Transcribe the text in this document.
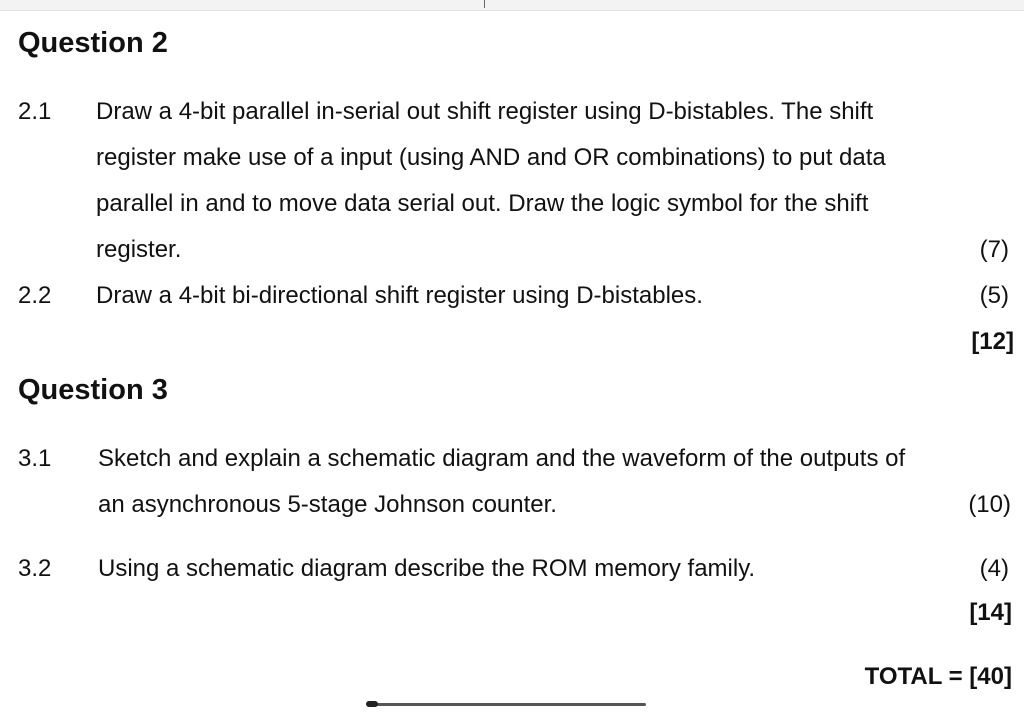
Question 2
2.1 Draw a 4-bit parallel in-serial out shift register using D-bistables. The shift
register make use of a input (using AND and OR combinations) to put data
parallel in and to move data serial out. Draw the logic symbol for the shift
register.	(7)
2.2 Draw a 4-bit bi-directional shift register using D-bistables.	(5)
[12]
Question 3
3.1 Sketch and explain a schematic diagram and the waveform of the outputs of
an asynchronous 5-stage Johnson counter.	(10)
3.2 Using a schematic diagram describe the ROM memory family.	(4)
[14]
TOTAL = [40]
